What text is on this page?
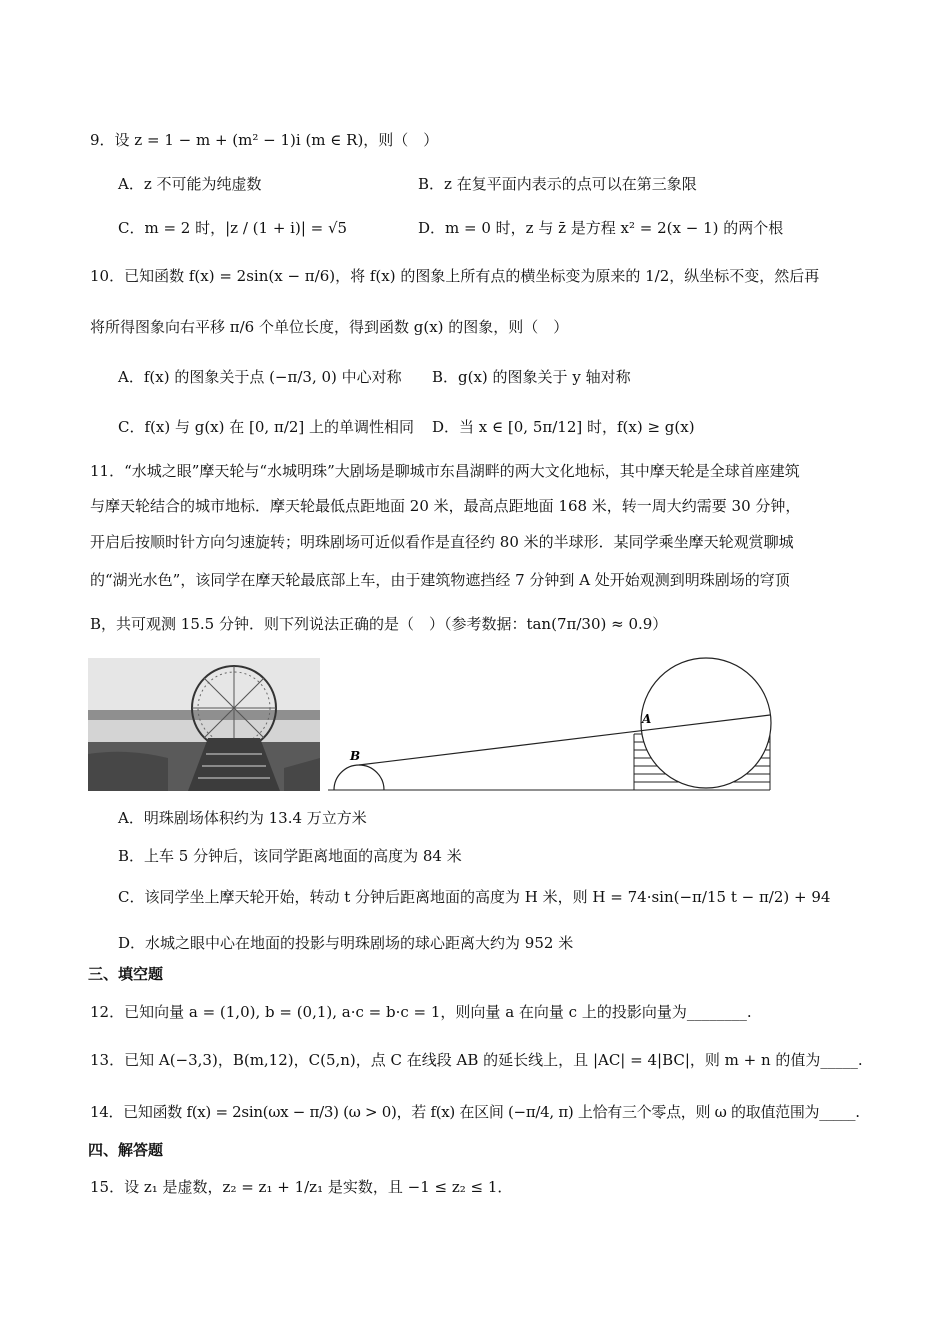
9．设 z = 1 − m + (m² − 1)i (m ∈ R)，则（　）
A．z 不可能为纯虚数	B．z 在复平面内表示的点可以在第三象限
C．m = 2 时，|z / (1 + i)| = √5	D．m = 0 时，z 与 z̄ 是方程 x² = 2(x − 1) 的两个根
10．已知函数 f(x) = 2sin(x − π/6)，将 f(x) 的图象上所有点的横坐标变为原来的 1/2，纵坐标不变，然后再
将所得图象向右平移 π/6 个单位长度，得到函数 g(x) 的图象，则（　）
A．f(x) 的图象关于点 (−π/3, 0) 中心对称 B．g(x) 的图象关于 y 轴对称
C．f(x) 与 g(x) 在 [0, π/2] 上的单调性相同 D．当 x ∈ [0, 5π/12] 时，f(x) ≥ g(x)
11．“水城之眼”摩天轮与“水城明珠”大剧场是聊城市东昌湖畔的两大文化地标，其中摩天轮是全球首座建筑
与摩天轮结合的城市地标．摩天轮最低点距地面 20 米，最高点距地面 168 米，转一周大约需要 30 分钟，
开启后按顺时针方向匀速旋转；明珠剧场可近似看作是直径约 80 米的半球形．某同学乘坐摩天轮观赏聊城
的“湖光水色”，该同学在摩天轮最底部上车，由于建筑物遮挡经 7 分钟到 A 处开始观测到明珠剧场的穹顶
B，共可观测 15.5 分钟．则下列说法正确的是（　）（参考数据：tan(7π/30) ≈ 0.9）
B
A
A．明珠剧场体积约为 13.4 万立方米
B．上车 5 分钟后，该同学距离地面的高度为 84 米
C．该同学坐上摩天轮开始，转动 t 分钟后距离地面的高度为 H 米，则 H = 74·sin(−π/15 t − π/2) + 94
D．水城之眼中心在地面的投影与明珠剧场的球心距离大约为 952 米
三、填空题
12．已知向量 a = (1,0), b = (0,1), a·c = b·c = 1，则向量 a 在向量 c 上的投影向量为________.
13．已知 A(−3,3)，B(m,12)，C(5,n)，点 C 在线段 AB 的延长线上，且 |AC| = 4|BC|，则 m + n 的值为_____.
14．已知函数 f(x) = 2sin(ωx − π/3) (ω > 0)，若 f(x) 在区间 (−π/4, π) 上恰有三个零点，则 ω 的取值范围为_____.
四、解答题
15．设 z₁ 是虚数，z₂ = z₁ + 1/z₁ 是实数，且 −1 ≤ z₂ ≤ 1．
